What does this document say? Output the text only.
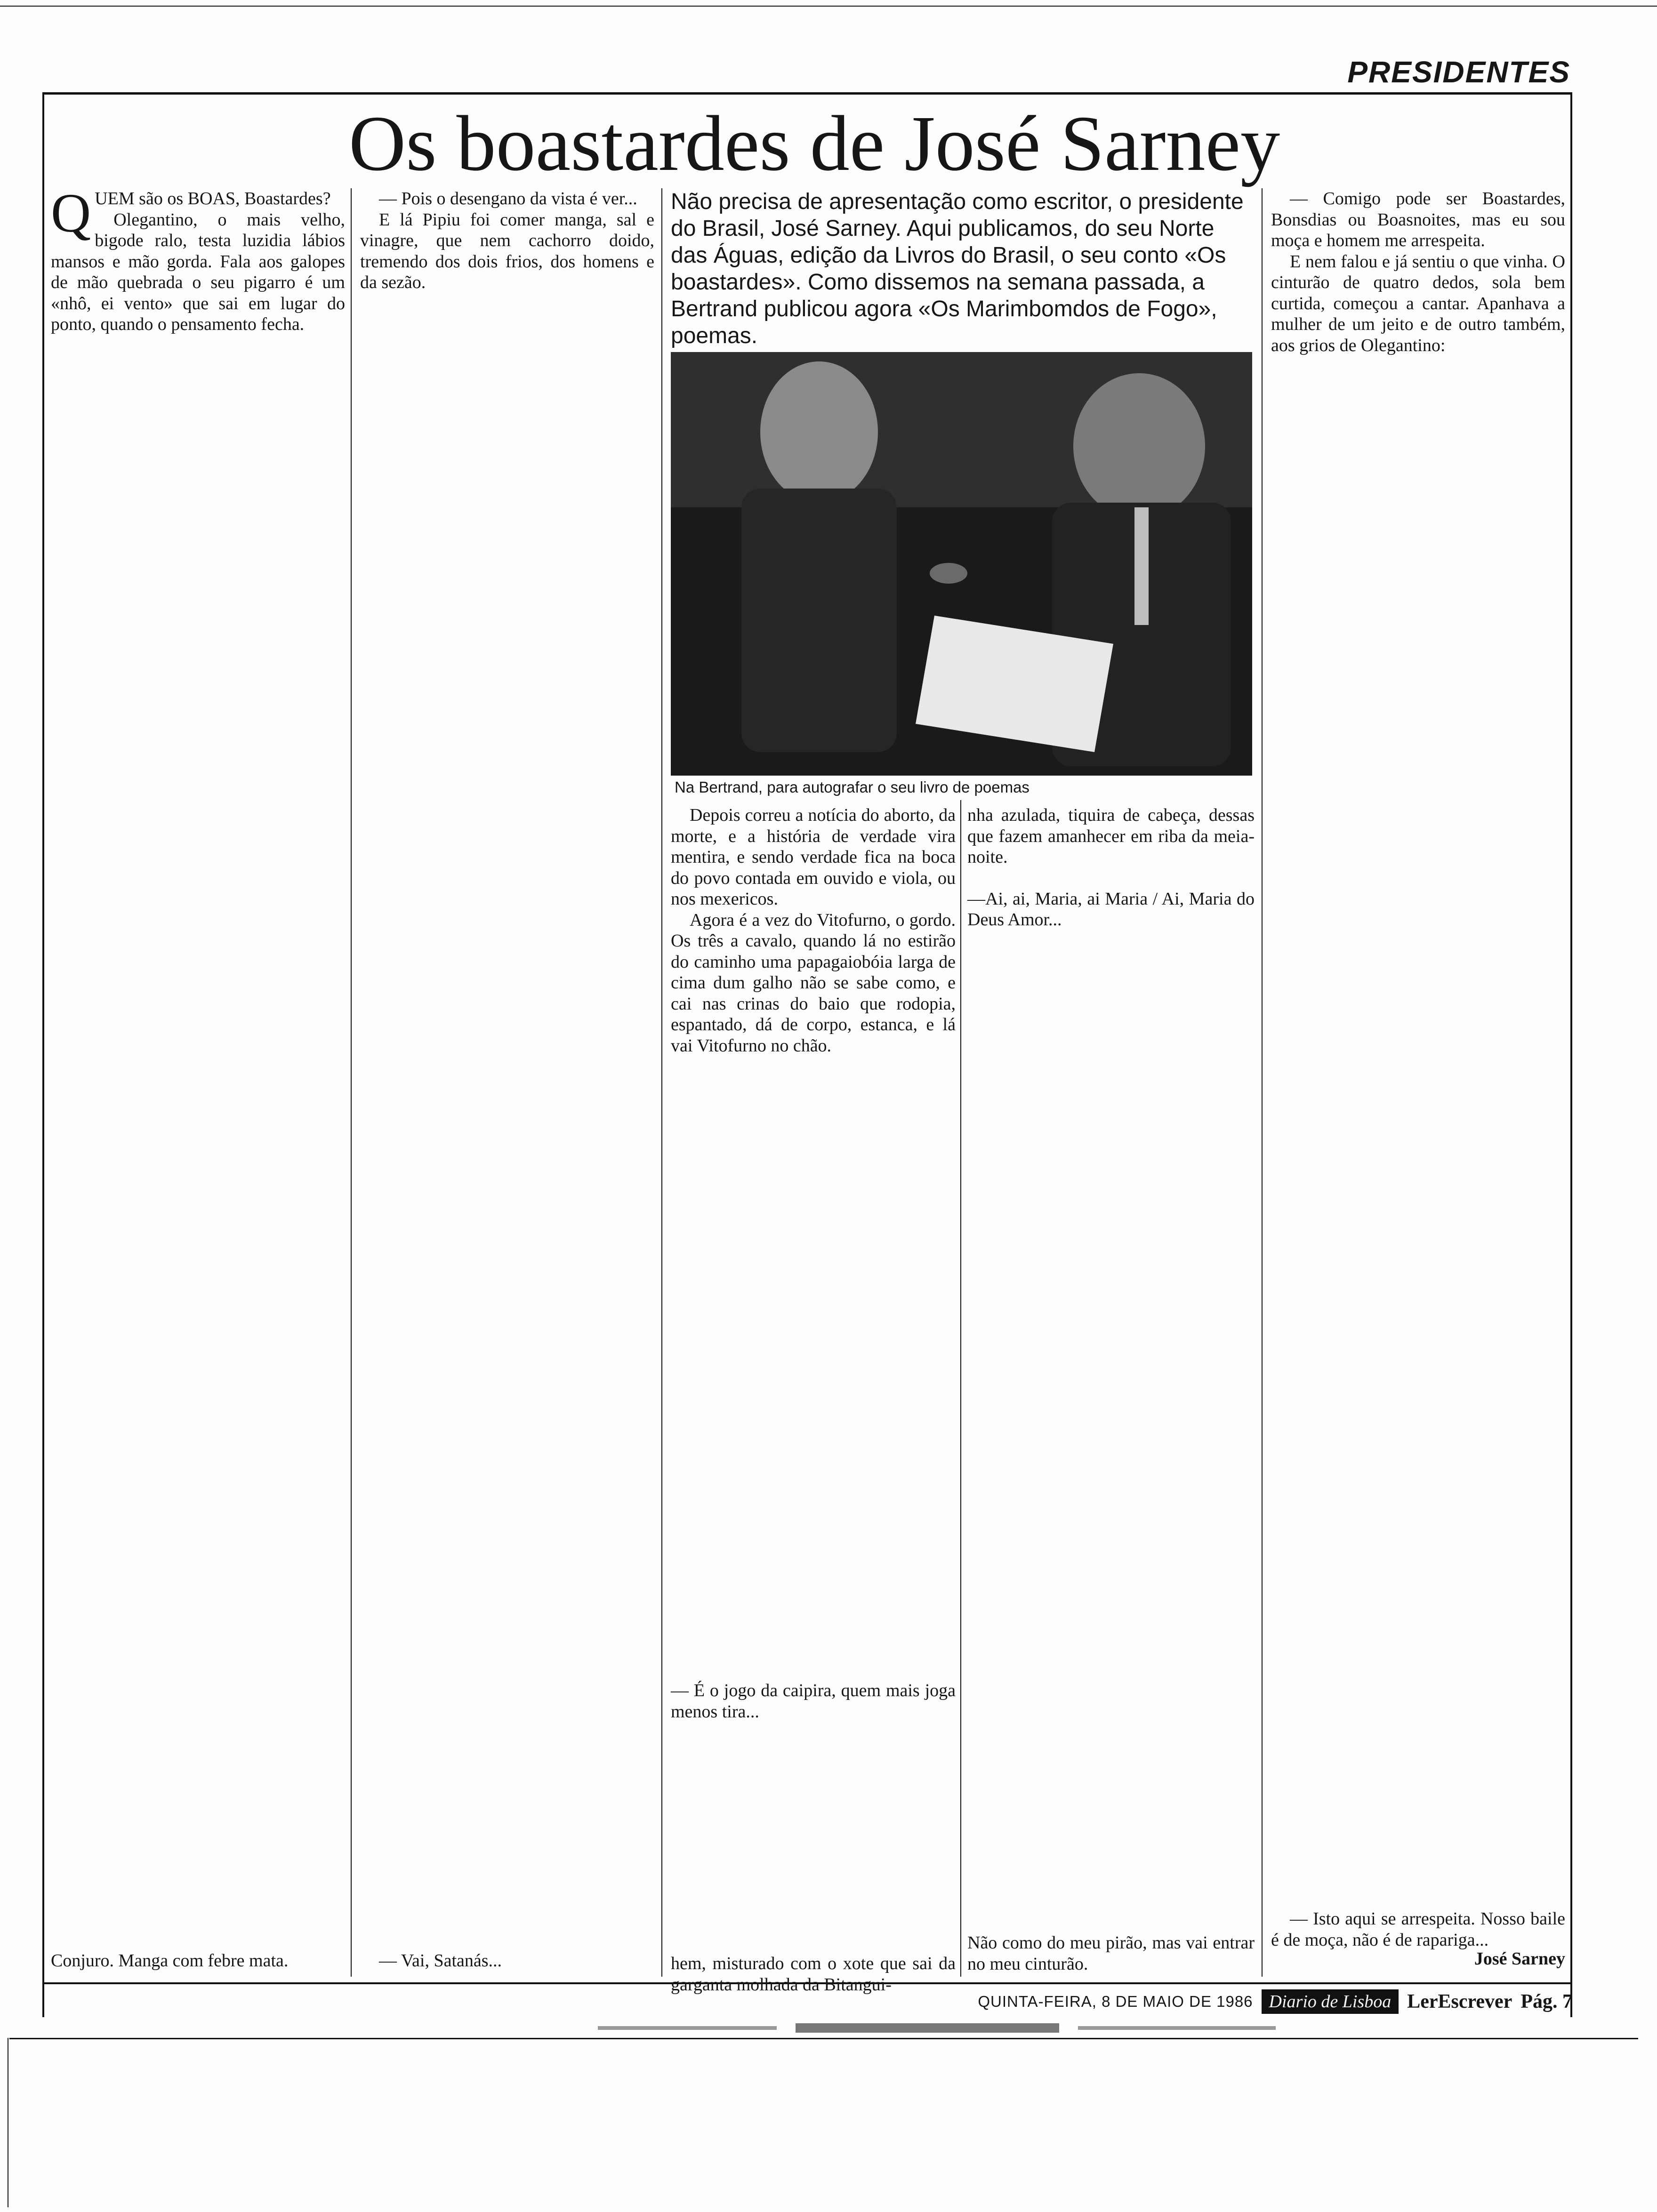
PRESIDENTES
Os boastardes de José Sarney
Q UEM são os BOAS, Boastardes?

Olegantino, o mais velho, bigode ralo, testa luzidia lábios mansos e mão gorda. Fala aos galopes de mão quebrada o seu pigarro é um «nhô, ei vento» que sai em lugar do ponto, quando o pensamento fecha.

Conjuro. Manga com febre mata.

— Pois o desengano da vista é ver...

E lá Pipiu foi comer manga, sal e vinagre, que nem cachorro doido, tremendo dos dois frios, dos homens e da sezão.

— Vai, Satanás...

Não precisa de apresentação como escritor, o presidente do Brasil, José Sarney. Aqui publicamos, do seu Norte das Águas, edição da Livros do Brasil, o seu conto «Os boastardes». Como dissemos na semana passada, a Bertrand publicou agora «Os Marimbomdos de Fogo», poemas.
Na Bertrand, para autografar o seu livro de poemas

Depois correu a notícia do aborto, da morte, e a história de verdade vira mentira, e sendo verdade fica na boca do povo contada em ouvido e viola, ou nos mexericos.

Agora é a vez do Vitofurno, o gordo. Os três a cavalo, quando lá no estirão do caminho uma papagaiobóia larga de cima dum galho não se sabe como, e cai nas crinas do baio que rodopia, espantado, dá de corpo, estanca, e lá vai Vitofurno no chão.

— É o jogo da caipira, quem mais joga menos tira...

hem, misturado com o xote que sai da garganta molhada da Bitangui-

nha azulada, tiquira de cabeça, dessas que fazem amanhecer em riba da meia-noite.

—Ai, ai, Maria, ai Maria / Ai, Maria do Deus Amor...

Não como do meu pirão, mas vai entrar no meu cinturão.

— Comigo pode ser Boastardes, Bonsdias ou Boasnoites, mas eu sou moça e homem me arrespeita.

E nem falou e já sentiu o que vinha. O cinturão de quatro dedos, sola bem curtida, começou a cantar. Apanhava a mulher de um jeito e de outro também, aos grios de Olegantino:

— Isto aqui se arrespeita. Nosso baile é de moça, não é de rapariga...

José Sarney

QUINTA-FEIRA, 8 DE MAIO DE 1986 Diario de Lisboa LerEscrever Pág. 7
